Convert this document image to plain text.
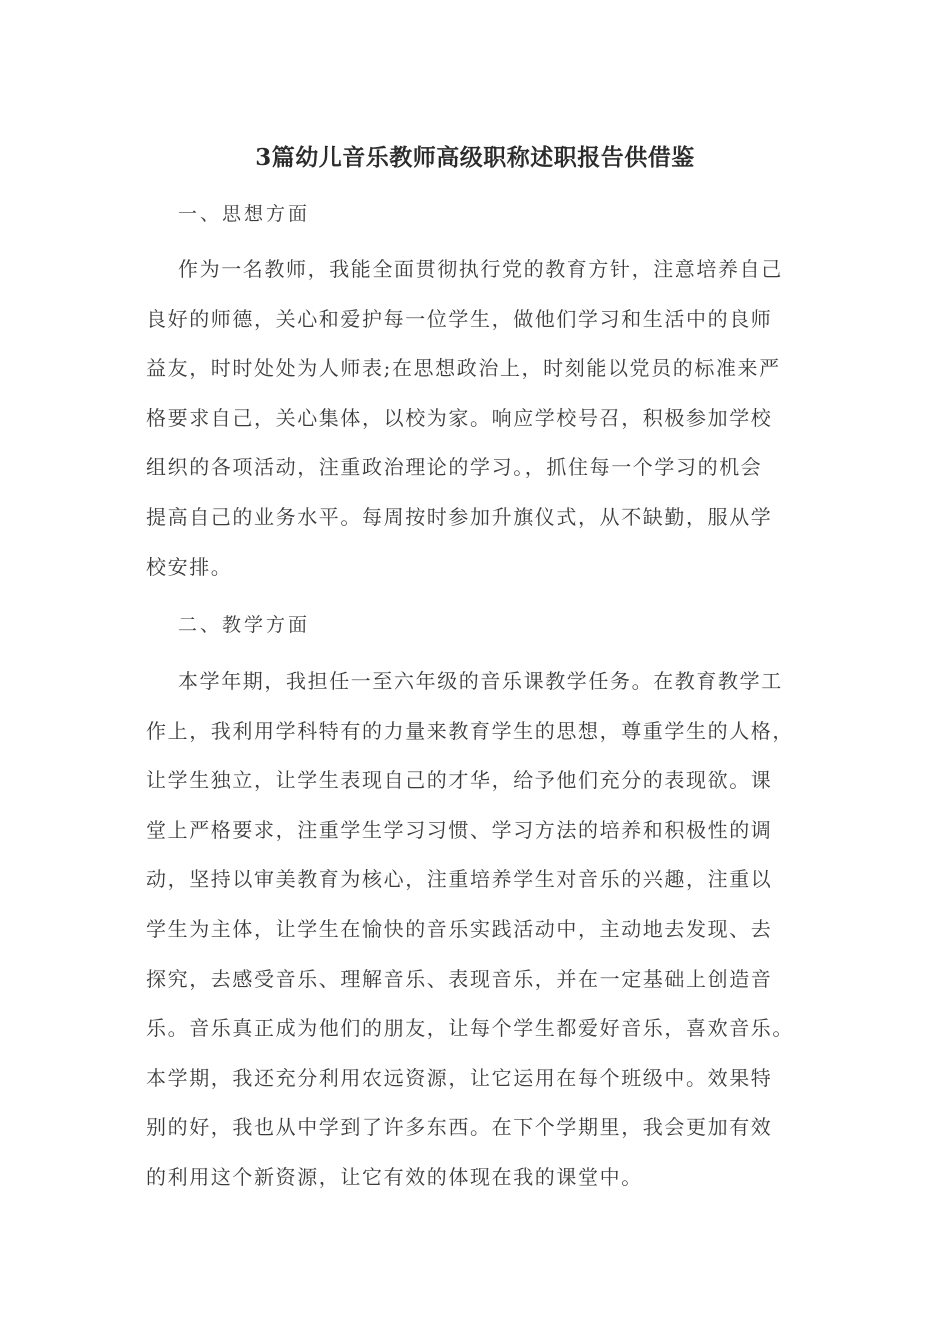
3篇幼儿音乐教师高级职称述职报告供借鉴
一、思想方面
作为一名教师，我能全面贯彻执行党的教育方针，注意培养自己
良好的师德，关心和爱护每一位学生，做他们学习和生活中的良师
益友，时时处处为人师表;在思想政治上，时刻能以党员的标准来严
格要求自己，关心集体，以校为家。响应学校号召，积极参加学校
组织的各项活动，注重政治理论的学习。，抓住每一个学习的机会
提高自己的业务水平。每周按时参加升旗仪式，从不缺勤，服从学
校安排。
二、教学方面
本学年期，我担任一至六年级的音乐课教学任务。在教育教学工
作上，我利用学科特有的力量来教育学生的思想，尊重学生的人格，
让学生独立，让学生表现自己的才华，给予他们充分的表现欲。课
堂上严格要求，注重学生学习习惯、学习方法的培养和积极性的调
动，坚持以审美教育为核心，注重培养学生对音乐的兴趣，注重以
学生为主体，让学生在愉快的音乐实践活动中，主动地去发现、去
探究，去感受音乐、理解音乐、表现音乐，并在一定基础上创造音
乐。音乐真正成为他们的朋友，让每个学生都爱好音乐，喜欢音乐。
本学期，我还充分利用农远资源，让它运用在每个班级中。效果特
别的好，我也从中学到了许多东西。在下个学期里，我会更加有效
的利用这个新资源，让它有效的体现在我的课堂中。
